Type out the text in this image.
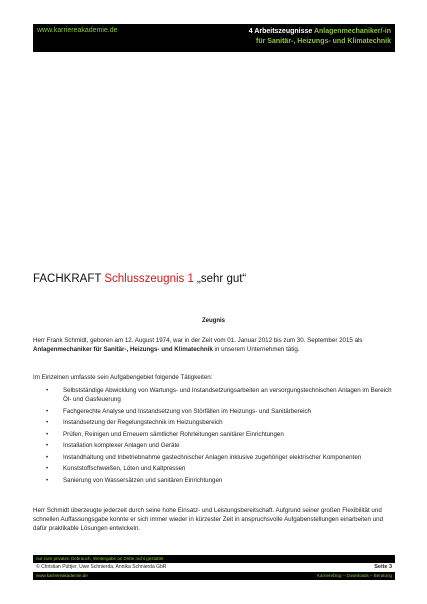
www.karriereakademie.de	4 Arbeitszeugnisse Anlagenmechaniker/-in
für Sanitär-, Heizungs- und Klimatechnik
FACHKRAFT Schlusszeugnis 1 „sehr gut“
Zeugnis

Herr Frank Schmidt, geboren am 12. August 1974, war in der Zeit vom 01. Januar 2012 bis zum 30. September 2015 als Anlagenmechaniker für Sanitär-, Heizungs- und Klimatechnik in unserem Unternehmen tätig.

Im Einzelnen umfasste sein Aufgabengebiet folgende Tätigkeiten:

• Selbstständige Abwicklung von Wartungs- und Instandsetzungsarbeiten an versorgungstechnischen Anlagen im Bereich Öl- und Gasfeuerung
• Fachgerechte Analyse und Instandsetzung von Störfällen im Heizungs- und Sanitärbereich
• Instandsetzung der Regelungstechnik im Heizungsbereich
• Prüfen, Reinigen und Erneuern sämtlicher Rohrleitungen sanitärer Einrichtungen
• Installation komplexer Anlagen und Geräte
• Instandhaltung und Inbetriebnahme gastechnischer Anlagen inklusive zugehöriger elektrischer Komponenten
• Kunststoffschweißen, Löten und Kaltpressen
• Sanierung von Wassersätzen und sanitären Einrichtungen

Herr Schmidt überzeugte jederzeit durch seine hohe Einsatz- und Leistungsbereitschaft. Aufgrund seiner großen Flexibilität und schnellen Auffassungsgabe konnte er sich immer wieder in kürzester Zeit in anspruchsvolle Aufgabenstellungen einarbeiten und dafür praktikable Lösungen entwickeln.

nur zum privaten Gebrauch, Weitergabe an Dritte nicht gestattet
© Christian Püttjer, Uwe Schnierda, Annika Schnierda GbR	Seite 3
www.karriereakademie.de	Karriereblog – Downloads – Beratung
